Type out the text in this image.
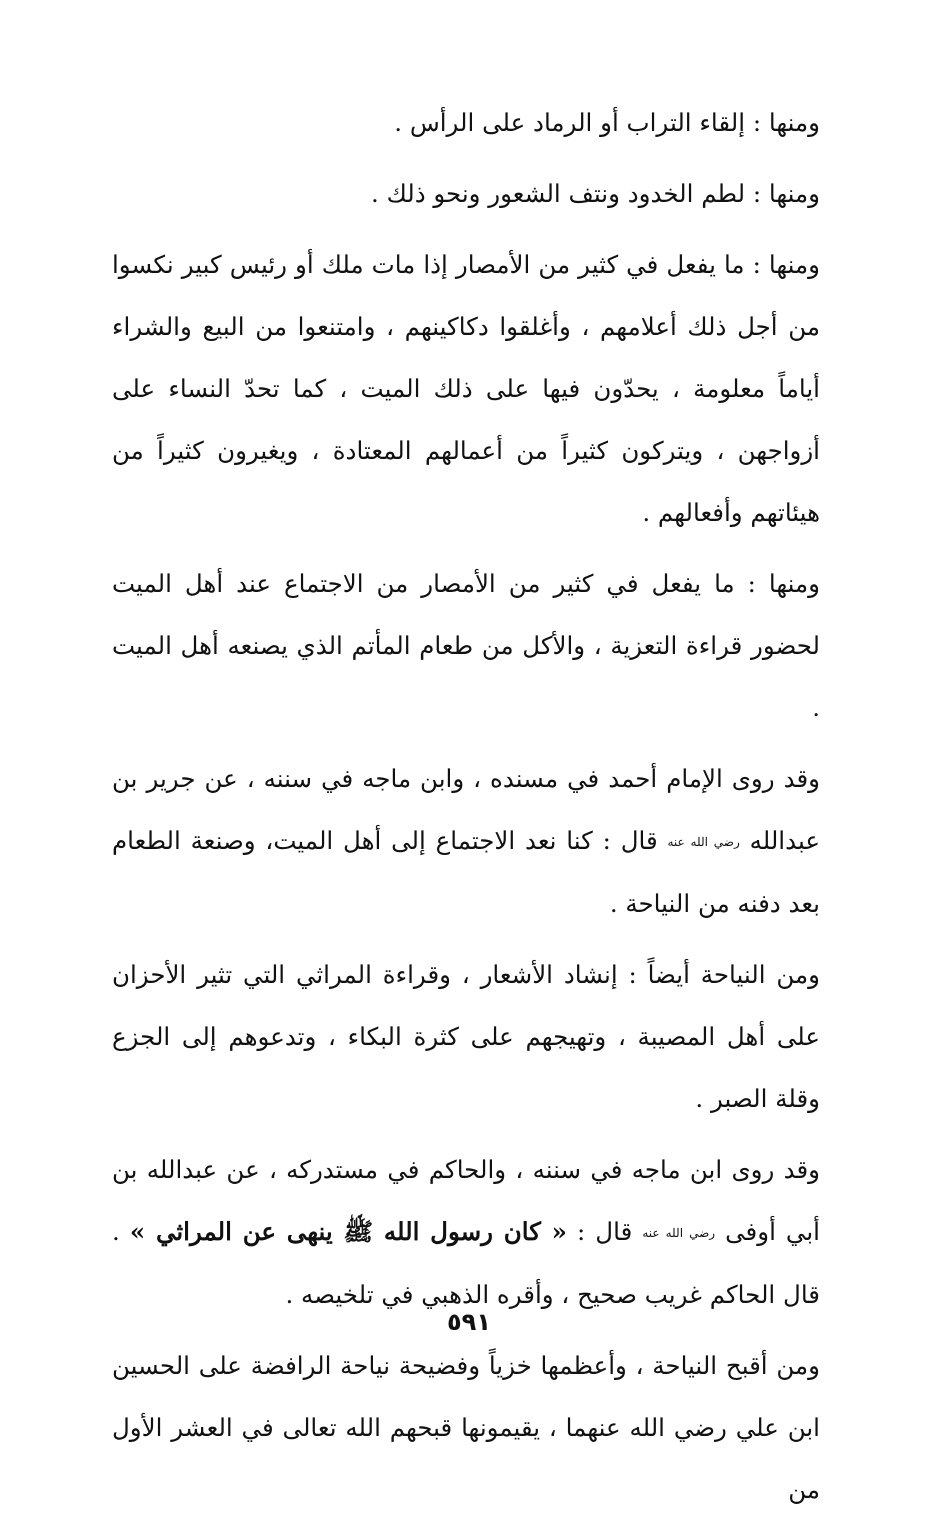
ومنها : إلقاء التراب أو الرماد على الرأس .

ومنها : لطم الخدود ونتف الشعور ونحو ذلك .

ومنها : ما يفعل في كثير من الأمصار إذا مات ملك أو رئيس كبير نكسوا من أجل ذلك أعلامهم ، وأغلقوا دكاكينهم ، وامتنعوا من البيع والشراء أياماً معلومة ، يحدّون فيها على ذلك الميت ، كما تحدّ النساء على أزواجهن ، ويتركون كثيراً من أعمالهم المعتادة ، ويغيرون كثيراً من هيئاتهم وأفعالهم .

ومنها : ما يفعل في كثير من الأمصار من الاجتماع عند أهل الميت لحضور قراءة التعزية ، والأكل من طعام المأتم الذي يصنعه أهل الميت .

وقد روى الإمام أحمد في مسنده ، وابن ماجه في سننه ، عن جرير بن عبدالله رضي الله عنه قال : كنا نعد الاجتماع إلى أهل الميت، وصنعة الطعام بعد دفنه من النياحة .

ومن النياحة أيضاً : إنشاد الأشعار ، وقراءة المراثي التي تثير الأحزان على أهل المصيبة ، وتهيجهم على كثرة البكاء ، وتدعوهم إلى الجزع وقلة الصبر .

وقد روى ابن ماجه في سننه ، والحاكم في مستدركه ، عن عبدالله بن أبي أوفى رضي الله عنه قال : « كان رسول الله ﷺ ينهى عن المراثي » . قال الحاكم غريب صحيح ، وأقره الذهبي في تلخيصه .

ومن أقبح النياحة ، وأعظمها خزياً وفضيحة نياحة الرافضة على الحسين ابن علي رضي الله عنهما ، يقيمونها قبحهم الله تعالى في العشر الأول من

٥٩١
